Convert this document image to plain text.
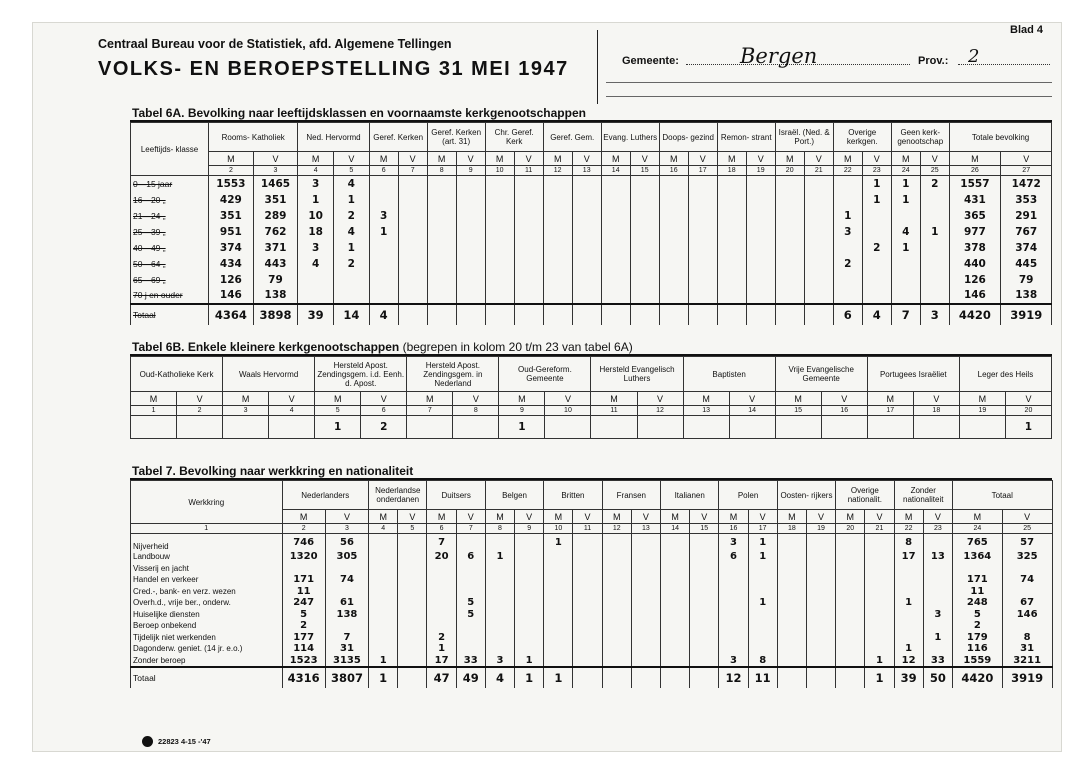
Centraal Bureau voor de Statistiek, afd. Algemene Tellingen
VOLKS- EN BEROEPSTELLING 31 MEI 1947
Blad 4
Gemeente:	Bergen	Prov.: 2
Tabel 6A. Bevolking naar leeftijdsklassen en voornaamste kerkgenootschappen
Leeftijds- klasse	Rooms- Katholiek		Ned. Hervormd		Geref. Kerken		Geref. Kerken (art. 31)		Chr. Geref. Kerk		Geref. Gem.		Evang. Luthers		Doops- gezind		Remon- strant		Israël. (Ned. & Port.)		Overige kerkgen.		Geen kerk- genootschap		Totale bevolking	
	M	V	M	V	M	V	M	V	M	V	M	V	M	V	M	V	M	V	M	V	M	V	M	V	M	V
	2	3	4	5	6	7	8	9	10	11	12	13	14	15	16	17	18	19	20	21	22	23	24	25	26	27
0—15 jaar	1553	1465	3	4																		1	1	2	1557	1472
16—20 „	429	351	1	1																		1	1		431	353
21—24 „	351	289	10	2	3																1				365	291
25—39 „	951	762	18	4	1																3		4	1	977	767
40—49 „	374	371	3	1																		2	1		378	374
50—64 „	434	443	4	2																	2				440	445
65—69 „	126	79																							126	79
70 j en ouder	146	138																							146	138
Totaal	4364	3898	39	14	4																6	4	7	3	4420	3919
Tabel 6B. Enkele kleinere kerkgenootschappen (begrepen in kolom 20 t/m 23 van tabel 6A)
Oud-Katholieke Kerk		Waals Hervormd		Hersteld Apost. Zendingsgem. i.d. Eenh. d. Apost.		Hersteld Apost. Zendingsgem. in Nederland		Oud-Gereform. Gemeente		Hersteld Evangelisch Luthers		Baptisten		Vrije Evangelische Gemeente		Portugees Israëliet		Leger des Heils	
M	V	M	V	M	V	M	V	M	V	M	V	M	V	M	V	M	V	M	V
1	2	3	4	5	6	7	8	9	10	11	12	13	14	15	16	17	18	19	20
				1	2			1											1
Tabel 7. Bevolking naar werkkring en nationaliteit
Werkkring	Nederlanders		Nederlandse onderdanen		Duitsers		Belgen		Britten		Fransen		Italianen		Polen		Oosten- rijkers		Overige nationalit.		Zonder nationaliteit		Totaal	
	M	V	M	V	M	V	M	V	M	V	M	V	M	V	M	V	M	V	M	V	M	V	M	V
1	2	3	4	5	6	7	8	9	10	11	12	13	14	15	16	17	18	19	20	21	22	23	24	25
Nijverheid	746	56			7				1						3	1					8		765	57
Landbouw	1320	305			20	6	1								6	1					17	13	1364	325
Visserij en jacht																								
Handel en verkeer	171	74																					171	74
Cred.-, bank- en verz. wezen	11																						11	
Overh.d., vrije ber., onderw.	247	61				5										1					1		248	67
Huiselijke diensten	5	138				5																3	5	146
Beroep onbekend	2																						2	
Tijdelijk niet werkenden	177	7			2																	1	179	8
Dagonderw. geniet. (14 jr. e.o.)	114	31			1																1		116	31
Zonder beroep	1523	3135	1		17	33	3	1							3	8				1	12	33	1559	3211
Totaal	4316	3807	1		47	49	4	1	1						12	11				1	39	50	4420	3919
22823 4-15 -'47
